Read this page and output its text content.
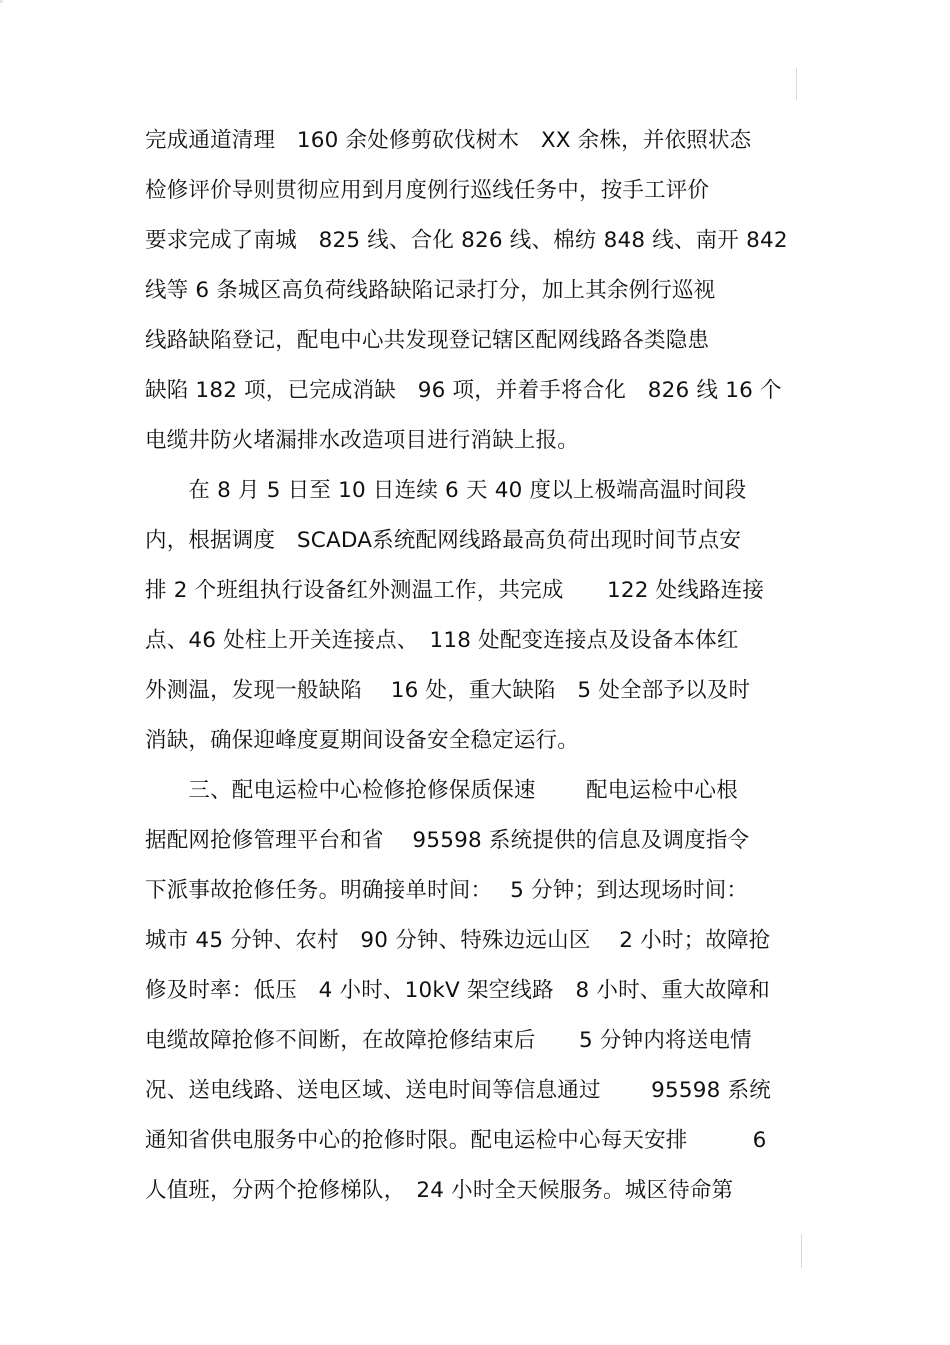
完成通道清理　160 余处修剪砍伐树木　XX 余株，并依照状态
检修评价导则贯彻应用到月度例行巡线任务中，按手工评价
要求完成了南城　825 线、合化 826 线、棉纺 848 线、南开 842
线等 6 条城区高负荷线路缺陷记录打分，加上其余例行巡视
线路缺陷登记，配电中心共发现登记辖区配网线路各类隐患
缺陷 182 项，已完成消缺　96 项，并着手将合化　826 线 16 个
电缆井防火堵漏排水改造项目进行消缺上报。
　　在 8 月 5 日至 10 日连续 6 天 40 度以上极端高温时间段
内，根据调度　SCADA系统配网线路最高负荷出现时间节点安
排 2 个班组执行设备红外测温工作，共完成　　122 处线路连接
点、46 处柱上开关连接点、　118 处配变连接点及设备本体红
外测温，发现一般缺陷　 16 处，重大缺陷　5 处全部予以及时
消缺，确保迎峰度夏期间设备安全稳定运行。
　　三、配电运检中心检修抢修保质保速　　 配电运检中心根
据配网抢修管理平台和省　 95598 系统提供的信息及调度指令
下派事故抢修任务。明确接单时间：　 5 分钟；到达现场时间：
城市 45 分钟、农村　90 分钟、特殊边远山区　 2 小时；故障抢
修及时率：低压　4 小时、10kV 架空线路　8 小时、重大故障和
电缆故障抢修不间断，在故障抢修结束后　　5 分钟内将送电情
况、送电线路、送电区域、送电时间等信息通过　　 95598 系统
通知省供电服务中心的抢修时限。配电运检中心每天安排　　　6
人值班，分两个抢修梯队，　24 小时全天候服务。城区待命第
